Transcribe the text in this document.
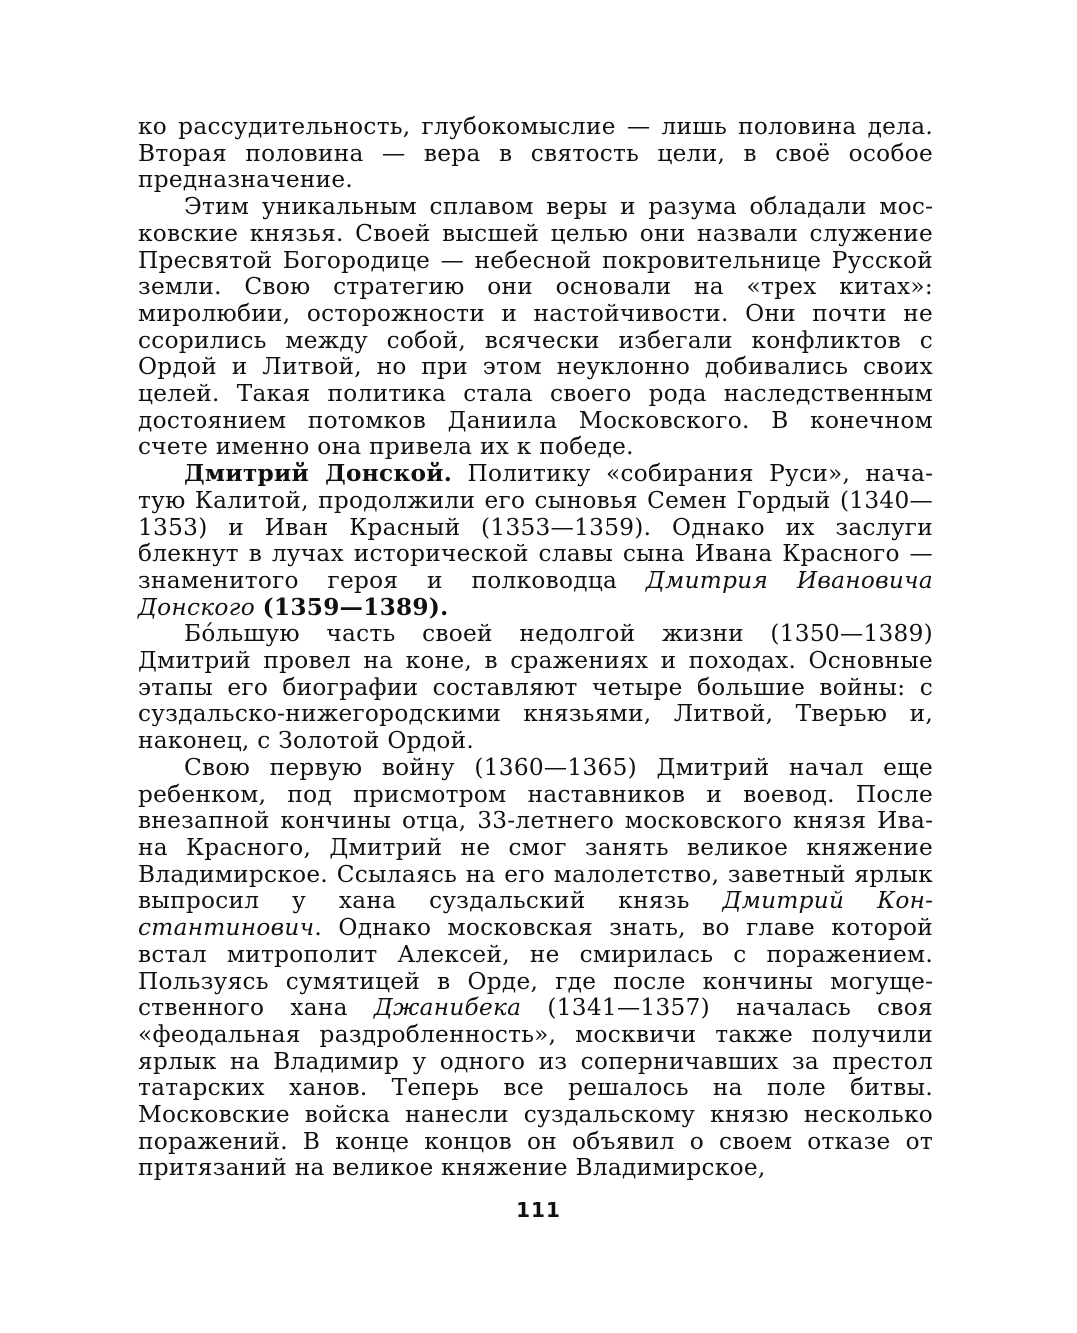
ко рассудительность, глубокомыслие — лишь половина дела. Вторая половина — вера в святость цели, в своё особое предназначение.

Этим уникальным сплавом веры и разума обладали московские князья. Своей высшей целью они назвали служение Пресвятой Богородице — небесной покровительнице Русской земли. Свою стратегию они основали на «трех китах»: миролюбии, осторожности и настойчивости. Они почти не ссорились между собой, всячески избегали конфликтов с Ордой и Литвой, но при этом неуклонно добивались своих целей. Такая политика стала своего рода наследственным достоянием потомков Даниила Московского. В конечном счете именно она привела их к победе.

Дмитрий Донской. Политику «собирания Руси», начатую Калитой, продолжили его сыновья Семен Гордый (1340—1353) и Иван Красный (1353—1359). Однако их заслуги блекнут в лучах исторической славы сына Ивана Красного — знаменитого героя и полководца Дмитрия Ивановича Донского (1359—1389).

Бо́льшую часть своей недолгой жизни (1350—1389) Дмитрий провел на коне, в сражениях и походах. Основные этапы его биографии составляют четыре большие войны: с суздальско-нижегородскими князьями, Литвой, Тверью и, наконец, с Золотой Ордой.

Свою первую войну (1360—1365) Дмитрий начал еще ребенком, под присмотром наставников и воевод. После внезапной кончины отца, 33-летнего московского князя Ивана Красного, Дмитрий не смог занять великое княжение Владимирское. Ссылаясь на его малолетство, заветный ярлык выпросил у хана суздальский князь Дмитрий Константинович. Однако московская знать, во главе которой встал митрополит Алексей, не смирилась с поражением. Пользуясь сумятицей в Орде, где после кончины могущественного хана Джанибека (1341—1357) началась своя «феодальная раздробленность», москвичи также получили ярлык на Владимир у одного из соперничавших за престол татарских ханов. Теперь все решалось на поле битвы. Московские войска нанесли суздальскому князю несколько поражений. В конце концов он объявил о своем отказе от притязаний на великое княжение Владимирское,

111
